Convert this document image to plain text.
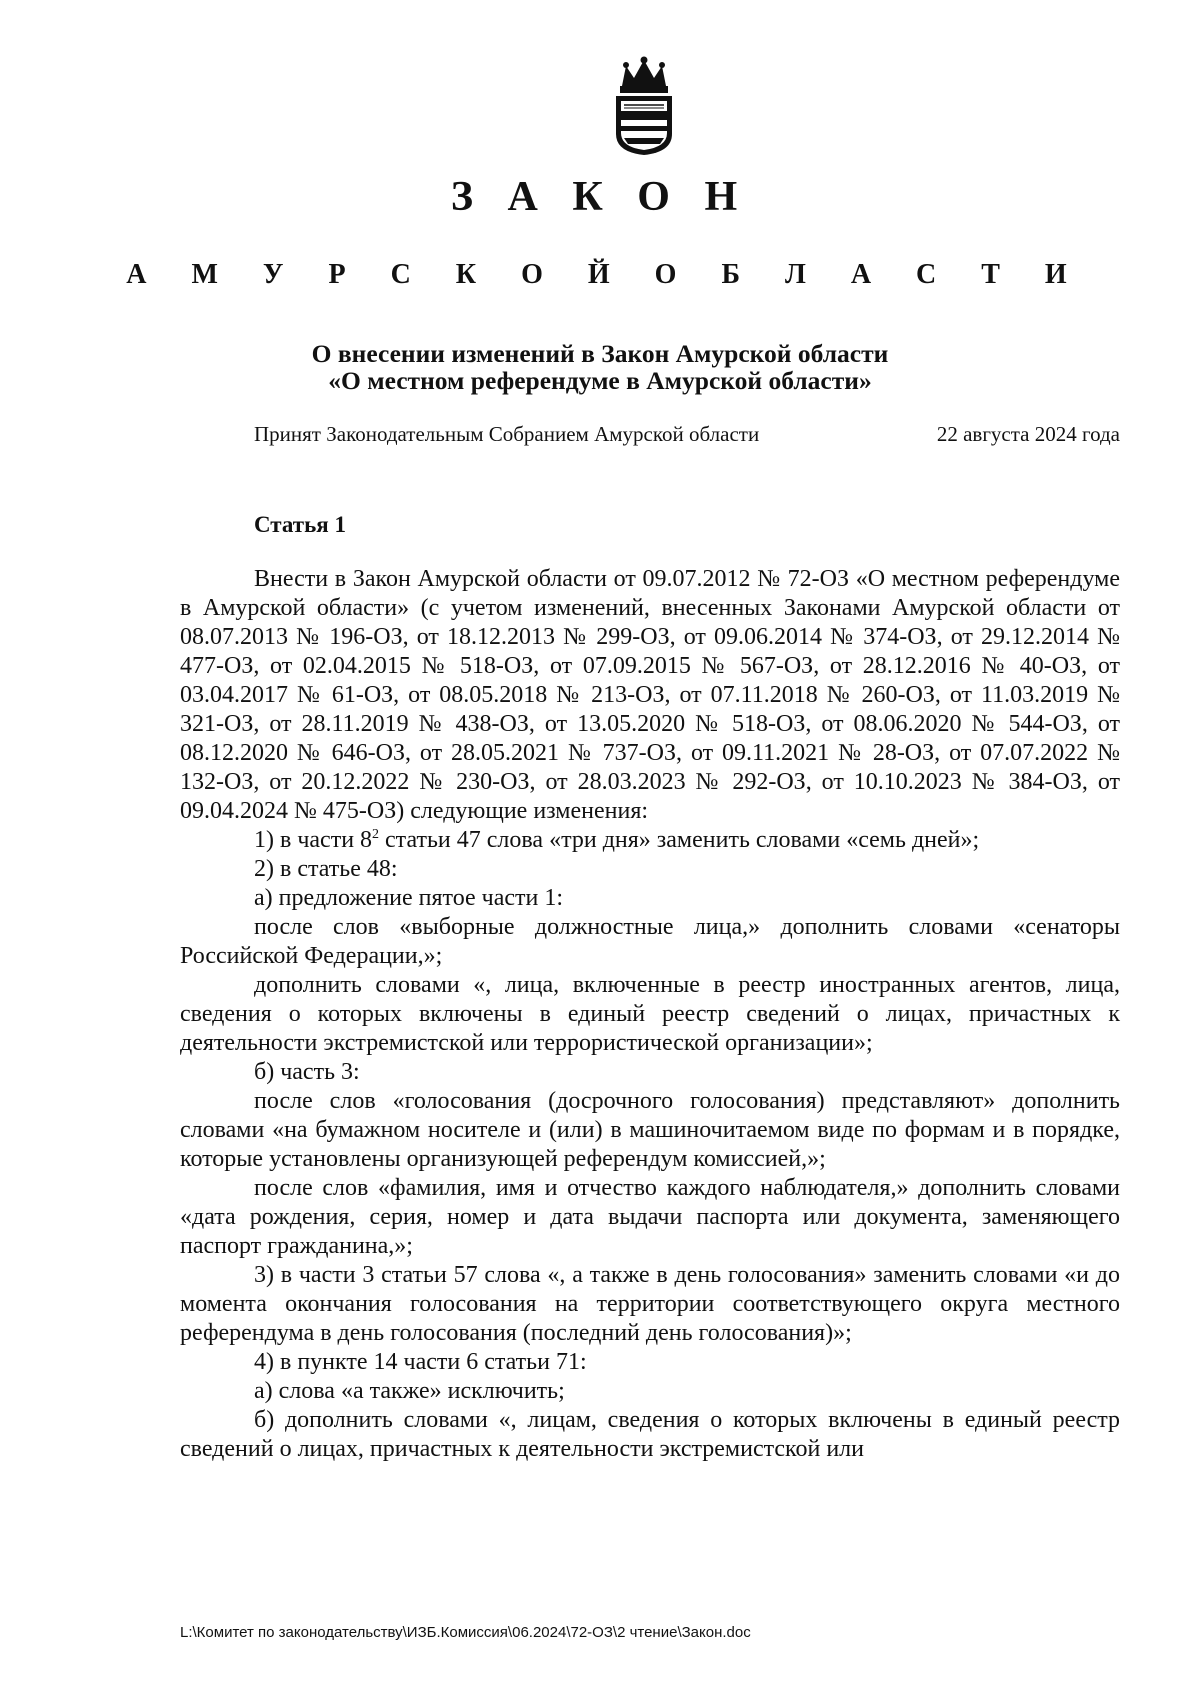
З А К О Н
А М У Р С К О Й О Б Л А С Т И
О внесении изменений в Закон Амурской области
«О местном референдуме в Амурской области»
Принят Законодательным Собранием Амурской области	22 августа 2024 года
Статья 1

Внести в Закон Амурской области от 09.07.2012 № 72-ОЗ «О местном референдуме в Амурской области» (с учетом изменений, внесенных Законами Амурской области от 08.07.2013 № 196-ОЗ, от 18.12.2013 № 299-ОЗ, от 09.06.2014 № 374-ОЗ, от 29.12.2014 № 477-ОЗ, от 02.04.2015 № 518-ОЗ, от 07.09.2015 № 567-ОЗ, от 28.12.2016 № 40-ОЗ, от 03.04.2017 № 61-ОЗ, от 08.05.2018 № 213-ОЗ, от 07.11.2018 № 260-ОЗ, от 11.03.2019 № 321-ОЗ, от 28.11.2019 № 438-ОЗ, от 13.05.2020 № 518-ОЗ, от 08.06.2020 № 544-ОЗ, от 08.12.2020 № 646-ОЗ, от 28.05.2021 № 737-ОЗ, от 09.11.2021 № 28-ОЗ, от 07.07.2022 № 132-ОЗ, от 20.12.2022 № 230-ОЗ, от 28.03.2023 № 292-ОЗ, от 10.10.2023 № 384-ОЗ, от 09.04.2024 № 475-ОЗ) следующие изменения:

1) в части $8^2$ статьи 47 слова «три дня» заменить словами «семь дней»;

2) в статье 48:

а) предложение пятое части 1:

после слов «выборные должностные лица,» дополнить словами «сенаторы Российской Федерации,»;

дополнить словами «, лица, включенные в реестр иностранных агентов, лица, сведения о которых включены в единый реестр сведений о лицах, причастных к деятельности экстремистской или террористической организации»;

б) часть 3:

после слов «голосования (досрочного голосования) представляют» дополнить словами «на бумажном носителе и (или) в машиночитаемом виде по формам и в порядке, которые установлены организующей референдум комиссией,»;

после слов «фамилия, имя и отчество каждого наблюдателя,» дополнить словами «дата рождения, серия, номер и дата выдачи паспорта или документа, заменяющего паспорт гражданина,»;

3) в части 3 статьи 57 слова «, а также в день голосования» заменить словами «и до момента окончания голосования на территории соответствующего округа местного референдума в день голосования (последний день голосования)»;

4) в пункте 14 части 6 статьи 71:

а) слова «а также» исключить;

б) дополнить словами «, лицам, сведения о которых включены в единый реестр сведений о лицах, причастных к деятельности экстремистской или

L:\Комитет по законодательству\ИЗБ.Комиссия\06.2024\72-ОЗ\2 чтение\Закон.doc
